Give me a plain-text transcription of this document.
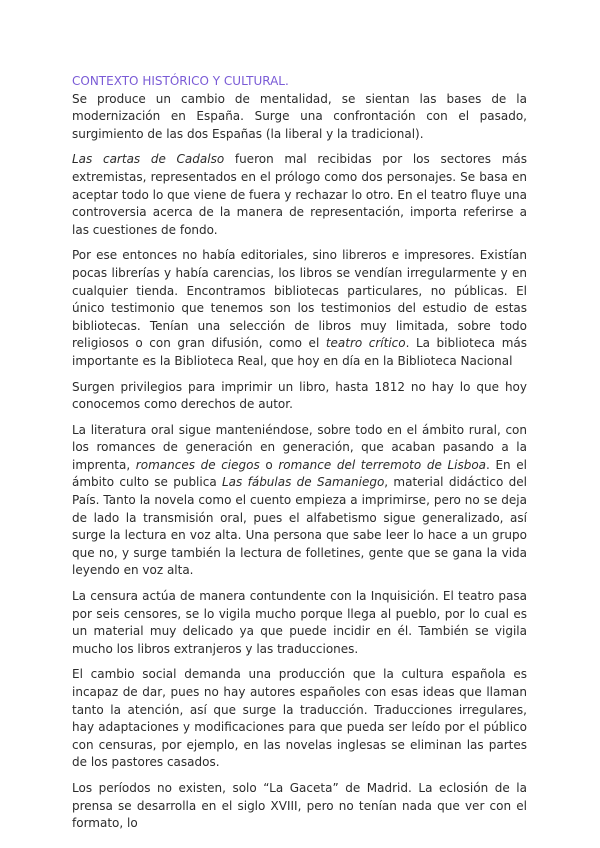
CONTEXTO HISTÓRICO Y CULTURAL.

Se produce un cambio de mentalidad, se sientan las bases de la modernización en España. Surge una confrontación con el pasado, surgimiento de las dos Españas (la liberal y la tradicional).

Las cartas de Cadalso fueron mal recibidas por los sectores más extremistas, representados en el prólogo como dos personajes. Se basa en aceptar todo lo que viene de fuera y rechazar lo otro. En el teatro fluye una controversia acerca de la manera de representación, importa referirse a las cuestiones de fondo.

Por ese entonces no había editoriales, sino libreros e impresores. Existían pocas librerías y había carencias, los libros se vendían irregularmente y en cualquier tienda. Encontramos bibliotecas particulares, no públicas. El único testimonio que tenemos son los testimonios del estudio de estas bibliotecas. Tenían una selección de libros muy limitada, sobre todo religiosos o con gran difusión, como el teatro crítico. La biblioteca más importante es la Biblioteca Real, que hoy en día en la Biblioteca Nacional

Surgen privilegios para imprimir un libro, hasta 1812 no hay lo que hoy conocemos como derechos de autor.

La literatura oral sigue manteniéndose, sobre todo en el ámbito rural, con los romances de generación en generación, que acaban pasando a la imprenta, romances de ciegos o romance del terremoto de Lisboa. En el ámbito culto se publica Las fábulas de Samaniego, material didáctico del País. Tanto la novela como el cuento empieza a imprimirse, pero no se deja de lado la transmisión oral, pues el alfabetismo sigue generalizado, así surge la lectura en voz alta. Una persona que sabe leer lo hace a un grupo que no, y surge también la lectura de folletines, gente que se gana la vida leyendo en voz alta.

La censura actúa de manera contundente con la Inquisición. El teatro pasa por seis censores, se lo vigila mucho porque llega al pueblo, por lo cual es un material muy delicado ya que puede incidir en él. También se vigila mucho los libros extranjeros y las traducciones.

El cambio social demanda una producción que la cultura española es incapaz de dar, pues no hay autores españoles con esas ideas que llaman tanto la atención, así que surge la traducción. Traducciones irregulares, hay adaptaciones y modificaciones para que pueda ser leído por el público con censuras, por ejemplo, en las novelas inglesas se eliminan las partes de los pastores casados.

Los períodos no existen, solo “La Gaceta” de Madrid. La eclosión de la prensa se desarrolla en el siglo XVIII, pero no tenían nada que ver con el formato, lo
